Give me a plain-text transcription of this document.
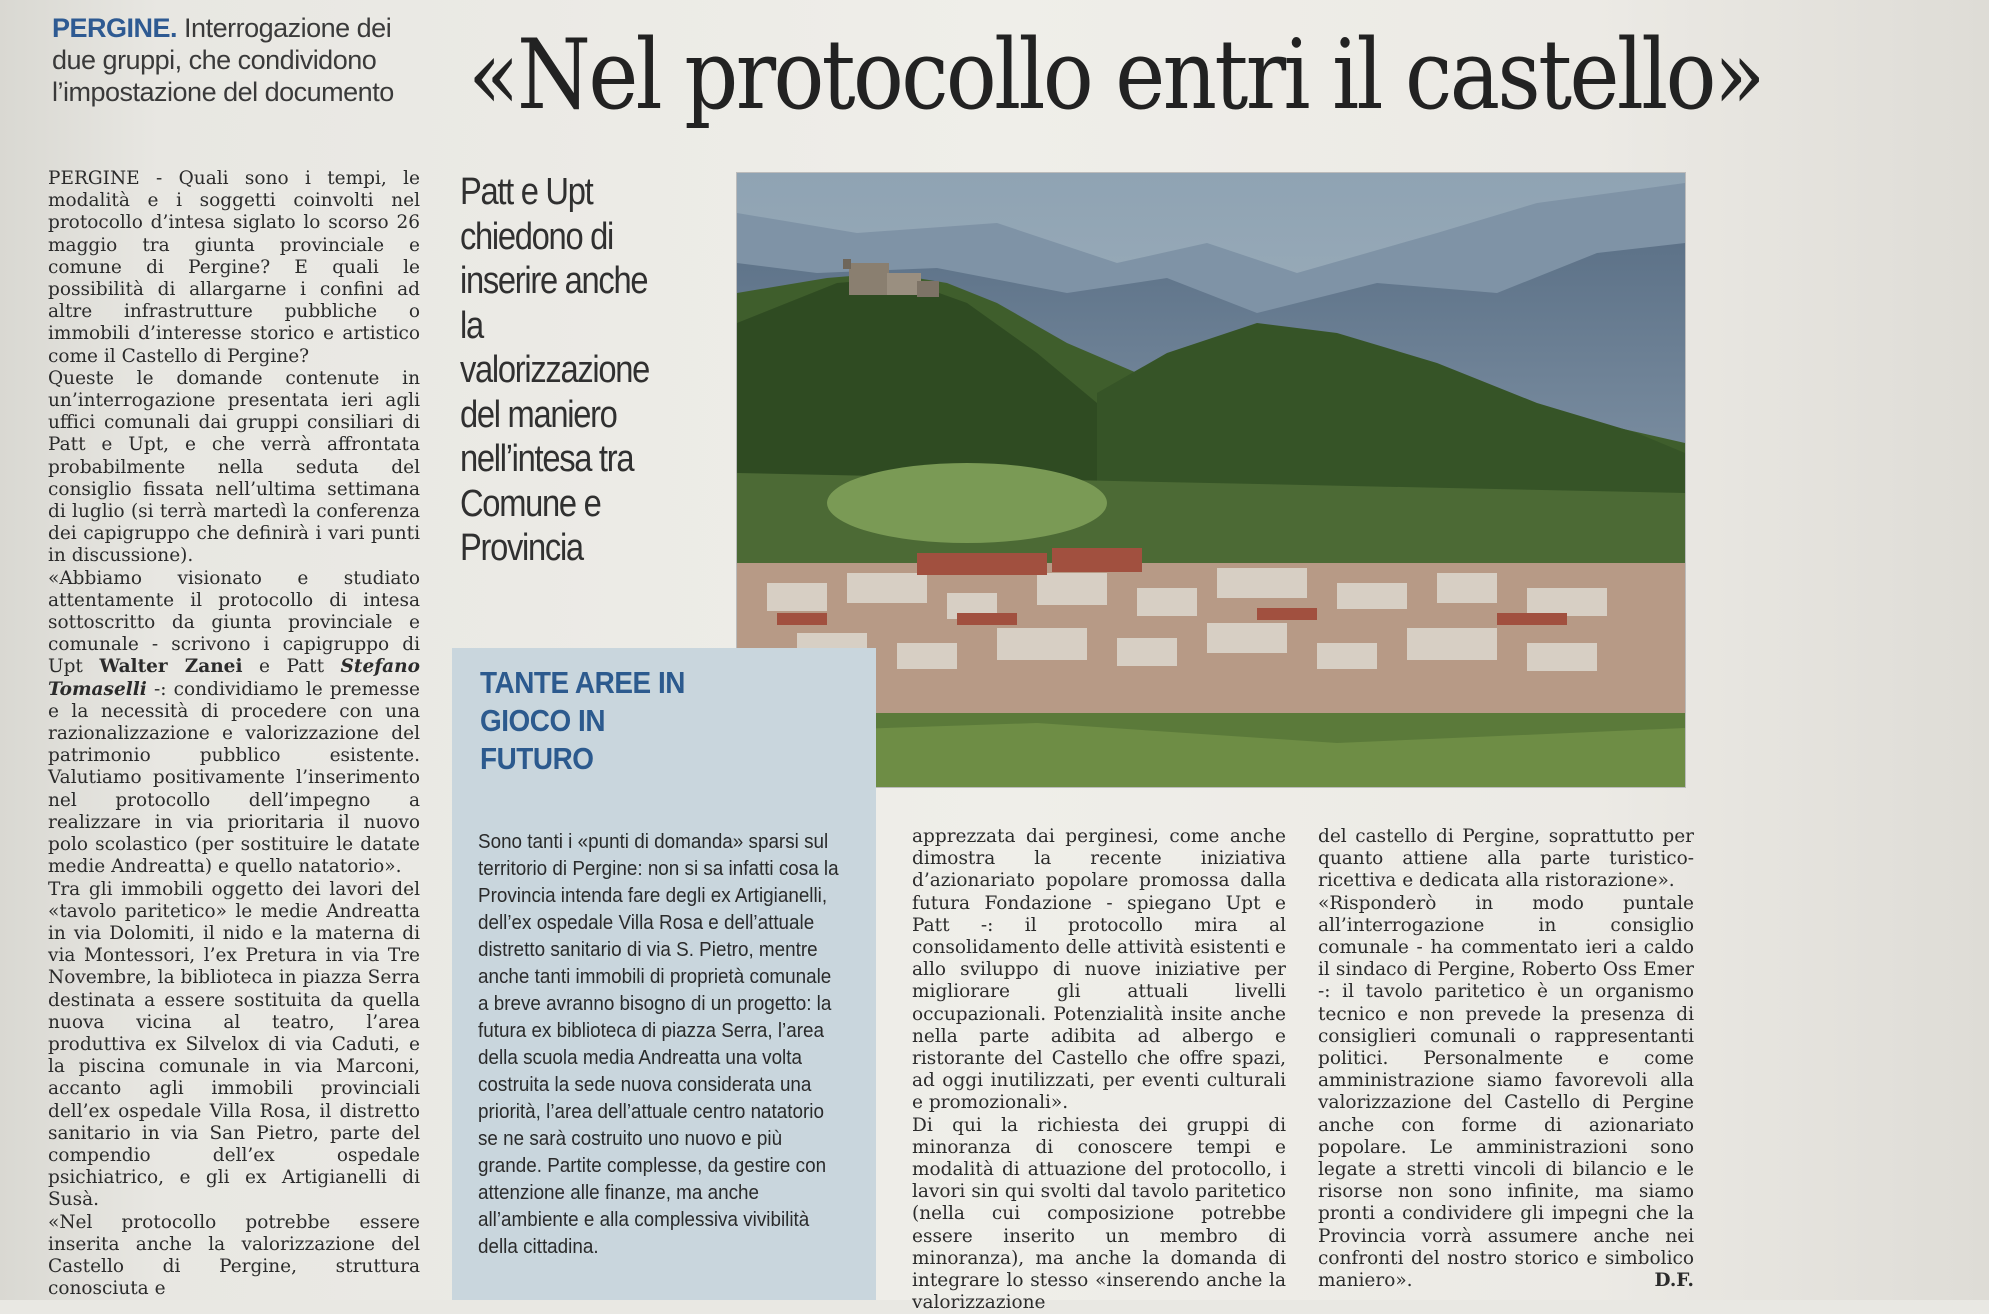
PERGINE. Interrogazione dei due gruppi, che condividono l’impostazione del documento «Nel protocollo entri il castello»

PERGINE - Quali sono i tempi, le modalità e i soggetti coinvolti nel protocollo d’intesa siglato lo scorso 26 maggio tra giunta provinciale e comune di Pergine? E quali le possibilità di allargarne i confini ad altre infrastrutture pubbliche o immobili d’interesse storico e artistico come il Castello di Pergine?

Queste le domande contenute in un’interrogazione presentata ieri agli uffici comunali dai gruppi consiliari di Patt e Upt, e che verrà affrontata probabilmente nella seduta del consiglio fissata nell’ultima settimana di luglio (si terrà martedì la conferenza dei capigruppo che definirà i vari punti in discussione).

«Abbiamo visionato e studiato attentamente il protocollo di intesa sottoscritto da giunta provinciale e comunale - scrivono i capigruppo di Upt Walter Zanei e Patt Stefano Tomaselli -: condividiamo le premesse e la necessità di procedere con una razionalizzazione e valorizzazione del patrimonio pubblico esistente. Valutiamo positivamente l’inserimento nel protocollo dell’impegno a realizzare in via prioritaria il nuovo polo scolastico (per sostituire le datate medie Andreatta) e quello natatorio».

Tra gli immobili oggetto dei lavori del «tavolo paritetico» le medie Andreatta in via Dolomiti, il nido e la materna di via Montessori, l’ex Pretura in via Tre Novembre, la biblioteca in piazza Serra destinata a essere sostituita da quella nuova vicina al teatro, l’area produttiva ex Silvelox di via Caduti, e la piscina comunale in via Marconi, accanto agli immobili provinciali dell’ex ospedale Villa Rosa, il distretto sanitario in via San Pietro, parte del compendio dell’ex ospedale psichiatrico, e gli ex Artigianelli di Susà.

«Nel protocollo potrebbe essere inserita anche la valorizzazione del Castello di Pergine, struttura conosciuta e

Patt e Upt chiedono di inserire anche la valorizzazione del maniero nell’intesa tra Comune e Provincia
TANTE AREE IN GIOCO IN FUTURO
Sono tanti i «punti di domanda» sparsi sul territorio di Pergine: non si sa infatti cosa la Provincia intenda fare degli ex Artigianelli, dell’ex ospedale Villa Rosa e dell’attuale distretto sanitario di via S. Pietro, mentre anche tanti immobili di proprietà comunale a breve avranno bisogno di un progetto: la futura ex biblioteca di piazza Serra, l’area della scuola media Andreatta una volta costruita la sede nuova considerata una priorità, l’area dell’attuale centro natatorio se ne sarà costruito uno nuovo e più grande. Partite complesse, da gestire con attenzione alle finanze, ma anche all’ambiente e alla complessiva vivibilità della cittadina.

apprezzata dai perginesi, come anche dimostra la recente iniziativa d’azionariato popolare promossa dalla futura Fondazione - spiegano Upt e Patt -: il protocollo mira al consolidamento delle attività esistenti e allo sviluppo di nuove iniziative per migliorare gli attuali livelli occupazionali. Potenzialità insite anche nella parte adibita ad albergo e ristorante del Castello che offre spazi, ad oggi inutilizzati, per eventi culturali e promozionali».

Di qui la richiesta dei gruppi di minoranza di conoscere tempi e modalità di attuazione del protocollo, i lavori sin qui svolti dal tavolo paritetico (nella cui composizione potrebbe essere inserito un membro di minoranza), ma anche la domanda di integrare lo stesso «inserendo anche la valorizzazione

del castello di Pergine, soprattutto per quanto attiene alla parte turistico-ricettiva e dedicata alla ristorazione».

«Risponderò in modo puntale all’interrogazione in consiglio comunale - ha commentato ieri a caldo il sindaco di Pergine, Roberto Oss Emer -: il tavolo paritetico è un organismo tecnico e non prevede la presenza di consiglieri comunali o rappresentanti politici. Personalmente e come amministrazione siamo favorevoli alla valorizzazione del Castello di Pergine anche con forme di azionariato popolare. Le amministrazioni sono legate a stretti vincoli di bilancio e le risorse non sono infinite, ma siamo pronti a condividere gli impegni che la Provincia vorrà assumere anche nei confronti del nostro storico e simbolico maniero».	D.F.
